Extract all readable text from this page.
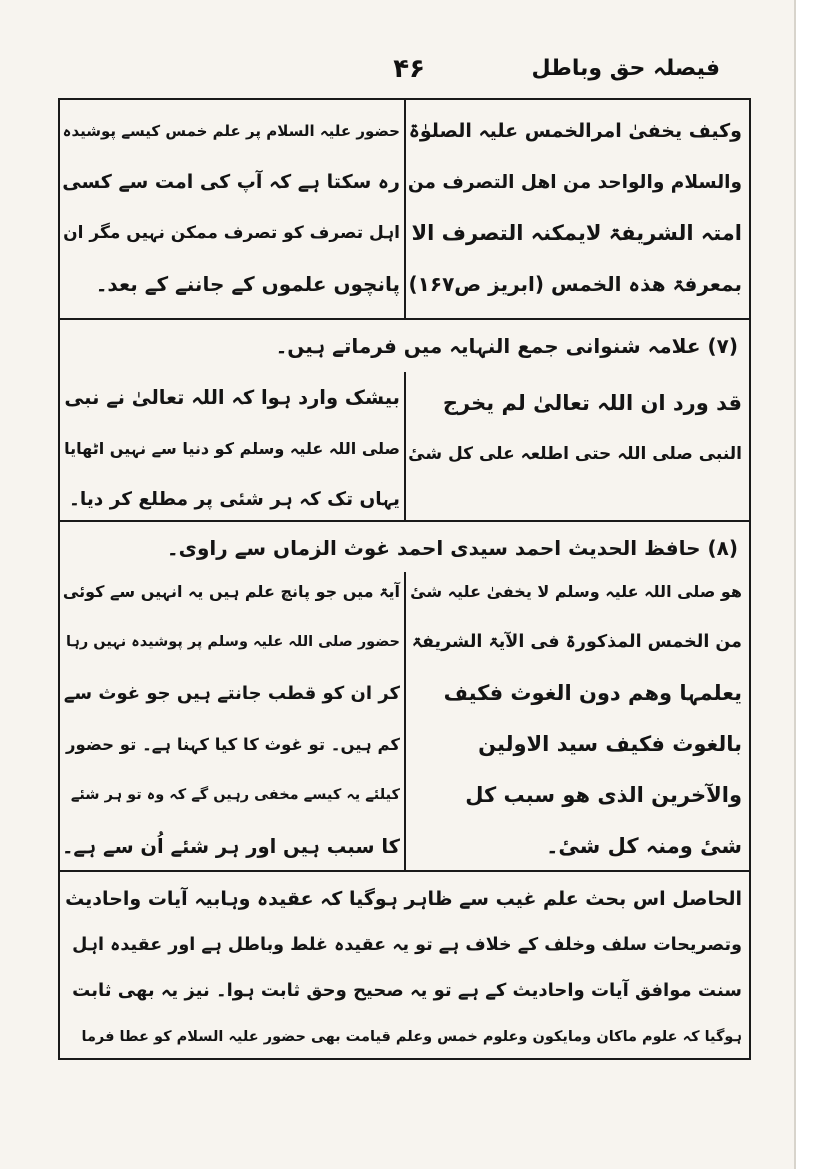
فیصلہ حق وباطل
۴۶
وکیف یخفیٰ امرالخمس علیہ الصلوٰۃ
والسلام والواحد من اھل التصرف من
امتہ الشریفۃ لایمکنہ التصرف الا
بمعرفۃ ھذہ الخمس (ابریز ص۱۶۷)
حضور علیہ السلام پر علم خمس کیسے پوشیدہ
رہ سکتا ہے کہ آپ کی امت سے کسی
اہل تصرف کو تصرف ممکن نہیں مگر ان
پانچوں علموں کے جاننے کے بعد۔
(۷) علامہ شنوانی جمع النہایہ میں فرماتے ہیں۔
قد ورد ان اللہ تعالیٰ لم یخرج
النبی صلی اللہ حتی اطلعہ علی کل شیٔ
بیشک وارد ہوا کہ اللہ تعالیٰ نے نبی
صلی اللہ علیہ وسلم کو دنیا سے نہیں اٹھایا
یہاں تک کہ ہر شئی پر مطلع کر دیا۔
(۸) حافظ الحدیث احمد سیدی احمد غوث الزماں سے راوی۔
ھو صلی اللہ علیہ وسلم لا یخفیٰ علیہ شیٔ
من الخمس المذکورۃ فی الآیۃ الشریفۃ
یعلمہا وھم دون الغوث فکیف
بالغوث فکیف سید الاولین
والآخرین الذی ھو سبب کل
شیٔ ومنہ کل شیٔ۔
آیۃ میں جو پانچ علم ہیں یہ انہیں سے کوئی
حضور صلی اللہ علیہ وسلم پر پوشیدہ نہیں رہا
کر ان کو قطب جانتے ہیں جو غوث سے
کم ہیں۔ تو غوث کا کیا کہنا ہے۔ تو حضور
کیلئے یہ کیسے مخفی رہیں گے کہ وہ تو ہر شئے
کا سبب ہیں اور ہر شئے اُن سے ہے۔
الحاصل اس بحث علم غیب سے ظاہر ہوگیا کہ عقیدہ وہابیہ آیات واحادیث
وتصریحات سلف وخلف کے خلاف ہے تو یہ عقیدہ غلط وباطل ہے اور عقیدہ اہل
سنت موافق آیات واحادیث کے ہے تو یہ صحیح وحق ثابت ہوا۔ نیز یہ بھی ثابت
ہوگیا کہ علوم ماکان ومایکون وعلوم خمس وعلم قیامت بھی حضور علیہ السلام کو عطا فرما
